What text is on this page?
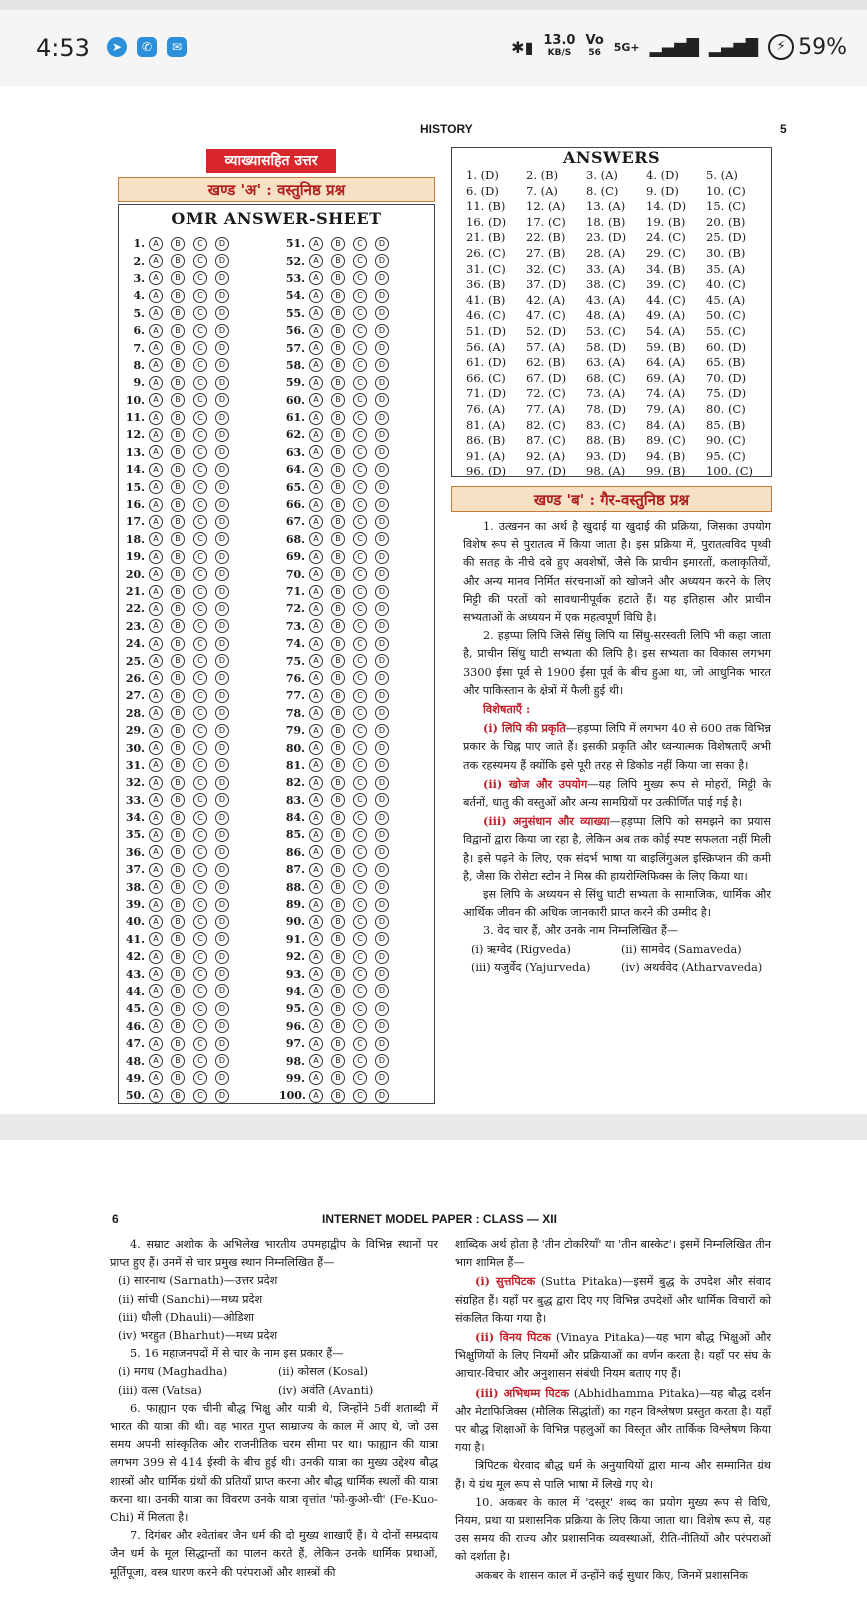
4:53	➤	✆	✉	✱▮ 13.0
KB/S
Vo
56 5G+ ▂▄▆█ ▂▄▆█	⚡ 59%
HISTORY	5
व्याख्यासहित उत्तर
खण्ड 'अ' : वस्तुनिष्ठ प्रश्न
OMR ANSWER-SHEET
1.	A	B	C	D
2.	A	B	C	D
3.	A	B	C	D
4.	A	B	C	D
5.	A	B	C	D
6.	A	B	C	D
7.	A	B	C	D
8.	A	B	C	D
9.	A	B	C	D
10.	A	B	C	D
11.	A	B	C	D
12.	A	B	C	D
13.	A	B	C	D
14.	A	B	C	D
15.	A	B	C	D
16.	A	B	C	D
17.	A	B	C	D
18.	A	B	C	D
19.	A	B	C	D
20.	A	B	C	D
21.	A	B	C	D
22.	A	B	C	D
23.	A	B	C	D
24.	A	B	C	D
25.	A	B	C	D
26.	A	B	C	D
27.	A	B	C	D
28.	A	B	C	D
29.	A	B	C	D
30.	A	B	C	D
31.	A	B	C	D
32.	A	B	C	D
33.	A	B	C	D
34.	A	B	C	D
35.	A	B	C	D
36.	A	B	C	D
37.	A	B	C	D
38.	A	B	C	D
39.	A	B	C	D
40.	A	B	C	D
41.	A	B	C	D
42.	A	B	C	D
43.	A	B	C	D
44.	A	B	C	D
45.	A	B	C	D
46.	A	B	C	D
47.	A	B	C	D
48.	A	B	C	D
49.	A	B	C	D
50.	A	B	C	D
51.	A	B	C	D
52.	A	B	C	D
53.	A	B	C	D
54.	A	B	C	D
55.	A	B	C	D
56.	A	B	C	D
57.	A	B	C	D
58.	A	B	C	D
59.	A	B	C	D
60.	A	B	C	D
61.	A	B	C	D
62.	A	B	C	D
63.	A	B	C	D
64.	A	B	C	D
65.	A	B	C	D
66.	A	B	C	D
67.	A	B	C	D
68.	A	B	C	D
69.	A	B	C	D
70.	A	B	C	D
71.	A	B	C	D
72.	A	B	C	D
73.	A	B	C	D
74.	A	B	C	D
75.	A	B	C	D
76.	A	B	C	D
77.	A	B	C	D
78.	A	B	C	D
79.	A	B	C	D
80.	A	B	C	D
81.	A	B	C	D
82.	A	B	C	D
83.	A	B	C	D
84.	A	B	C	D
85.	A	B	C	D
86.	A	B	C	D
87.	A	B	C	D
88.	A	B	C	D
89.	A	B	C	D
90.	A	B	C	D
91.	A	B	C	D
92.	A	B	C	D
93.	A	B	C	D
94.	A	B	C	D
95.	A	B	C	D
96.	A	B	C	D
97.	A	B	C	D
98.	A	B	C	D
99.	A	B	C	D
100. A	B	C	D
ANSWERS
1. (D)	2. (B)	3. (A)	4. (D)	5. (A)
6. (D)	7. (A)	8. (C)	9. (D)	10. (C)
11. (B)	12. (A)	13. (A)	14. (D)	15. (C)
16. (D)	17. (C)	18. (B)	19. (B)	20. (B)
21. (B)	22. (B)	23. (D)	24. (C)	25. (D)
26. (C)	27. (B)	28. (A)	29. (C)	30. (B)
31. (C)	32. (C)	33. (A)	34. (B)	35. (A)
36. (B)	37. (D)	38. (C)	39. (C)	40. (C)
41. (B)	42. (A)	43. (A)	44. (C)	45. (A)
46. (C)	47. (C)	48. (A)	49. (A)	50. (C)
51. (D)	52. (D)	53. (C)	54. (A)	55. (C)
56. (A)	57. (A)	58. (D)	59. (B)	60. (D)
61. (D)	62. (B)	63. (A)	64. (A)	65. (B)
66. (C)	67. (D)	68. (C)	69. (A)	70. (D)
71. (D)	72. (C)	73. (A)	74. (A)	75. (D)
76. (A)	77. (A)	78. (D)	79. (A)	80. (C)
81. (A)	82. (C)	83. (C)	84. (A)	85. (B)
86. (B)	87. (C)	88. (B)	89. (C)	90. (C)
91. (A)	92. (A)	93. (D)	94. (B)	95. (C)
96. (D)	97. (D)	98. (A)	99. (B)	100. (C)
खण्ड 'ब' : गैर-वस्तुनिष्ठ प्रश्न

1. उत्खनन का अर्थ है खुदाई या खुदाई की प्रक्रिया, जिसका उपयोग विशेष रूप से पुरातत्व में किया जाता है। इस प्रक्रिया में, पुरातत्वविद पृथ्वी की सतह के नीचे दबे हुए अवशेषों, जैसे कि प्राचीन इमारतों, कलाकृतियों, और अन्य मानव निर्मित संरचनाओं को खोजने और अध्ययन करने के लिए मिट्टी की परतों को सावधानीपूर्वक हटाते हैं। यह इतिहास और प्राचीन सभ्यताओं के अध्ययन में एक महत्वपूर्ण विधि है।

2. हड़प्पा लिपि जिसे सिंधु लिपि या सिंधु-सरस्वती लिपि भी कहा जाता है, प्राचीन सिंधु घाटी सभ्यता की लिपि है। इस सभ्यता का विकास लगभग 3300 ईसा पूर्व से 1900 ईसा पूर्व के बीच हुआ था, जो आधुनिक भारत और पाकिस्तान के क्षेत्रों में फैली हुई थी।

विशेषताएँ :

(i) लिपि की प्रकृति—हड़प्पा लिपि में लगभग 40 से 600 तक विभिन्न प्रकार के चिह्न पाए जाते हैं। इसकी प्रकृति और ध्वन्यात्मक विशेषताएँ अभी तक रहस्यमय हैं क्योंकि इसे पूरी तरह से डिकोड नहीं किया जा सका है।

(ii) खोज और उपयोग—यह लिपि मुख्य रूप से मोहरों, मिट्टी के बर्तनों, धातु की वस्तुओं और अन्य सामग्रियों पर उत्कीर्णित पाई गई है।

(iii) अनुसंधान और व्याख्या—हड़प्पा लिपि को समझने का प्रयास विद्वानों द्वारा किया जा रहा है, लेकिन अब तक कोई स्पष्ट सफलता नहीं मिली है। इसे पढ़ने के लिए, एक संदर्भ भाषा या बाइलिंगुअल इस्क्रिप्शन की कमी है, जैसा कि रोसेटा स्टोन ने मिस्र की हायरोग्लिफिक्स के लिए किया था।

इस लिपि के अध्ययन से सिंधु घाटी सभ्यता के सामाजिक, धार्मिक और आर्थिक जीवन की अधिक जानकारी प्राप्त करने की उम्मीद है।

3. वेद चार हैं, और उनके नाम निम्नलिखित हैं—

(i) ऋग्वेद (Rigveda)	(ii) सामवेद (Samaveda)
(iii) यजुर्वेद (Yajurveda)	(iv) अथर्ववेद (Atharvaveda)
6	INTERNET MODEL PAPER : CLASS — XII

4. सम्राट अशोक के अभिलेख भारतीय उपमहाद्वीप के विभिन्न स्थानों पर प्राप्त हुए हैं। उनमें से चार प्रमुख स्थान निम्नलिखित हैं—

(i) सारनाथ (Sarnath)—उत्तर प्रदेश
(ii) सांची (Sanchi)—मध्य प्रदेश
(iii) धौली (Dhauli)—ओडिशा
(iv) भरहुत (Bharhut)—मध्य प्रदेश

5. 16 महाजनपदों में से चार के नाम इस प्रकार हैं—

(i) मगध (Maghadha)	(ii) कोसल (Kosal)
(iii) वत्स (Vatsa)	(iv) अवंति (Avanti)

6. फाह्यान एक चीनी बौद्ध भिक्षु और यात्री थे, जिन्होंने 5वीं शताब्दी में भारत की यात्रा की थी। वह भारत गुप्त साम्राज्य के काल में आए थे, जो उस समय अपनी सांस्कृतिक और राजनीतिक चरम सीमा पर था। फाह्यान की यात्रा लगभग 399 से 414 ईस्वी के बीच हुई थी। उनकी यात्रा का मुख्य उद्देश्य बौद्ध शास्त्रों और धार्मिक ग्रंथों की प्रतियाँ प्राप्त करना और बौद्ध धार्मिक स्थलों की यात्रा करना था। उनकी यात्रा का विवरण उनके यात्रा वृत्तांत 'फो-कुओ-ची' (Fe-Kuo-Chi) में मिलता है।

7. दिगंबर और श्वेतांबर जैन धर्म की दो मुख्य शाखाएँ हैं। ये दोनों सम्प्रदाय जैन धर्म के मूल सिद्धान्तों का पालन करते हैं, लेकिन उनके धार्मिक प्रथाओं, मूर्तिपूजा, वस्त्र धारण करने की परंपराओं और शास्त्रों की

शाब्दिक अर्थ होता है 'तीन टोकरियाँ' या 'तीन बास्केट'। इसमें निम्नलिखित तीन भाग शामिल हैं—

(i) सुत्तपिटक (Sutta Pitaka)—इसमें बुद्ध के उपदेश और संवाद संग्रहित हैं। यहाँ पर बुद्ध द्वारा दिए गए विभिन्न उपदेशों और धार्मिक विचारों को संकलित किया गया है।

(ii) विनय पिटक (Vinaya Pitaka)—यह भाग बौद्ध भिक्षुओं और भिक्षुणियों के लिए नियमों और प्रक्रियाओं का वर्णन करता है। यहाँ पर संघ के आचार-विचार और अनुशासन संबंधी नियम बताए गए हैं।

(iii) अभिधम्म पिटक (Abhidhamma Pitaka)—यह बौद्ध दर्शन और मेटाफिजिक्स (मौलिक सिद्धांतों) का गहन विश्लेषण प्रस्तुत करता है। यहाँ पर बौद्ध शिक्षाओं के विभिन्न पहलुओं का विस्तृत और तार्किक विश्लेषण किया गया है।

त्रिपिटक थेरवाद बौद्ध धर्म के अनुयायियों द्वारा मान्य और सम्मानित ग्रंथ हैं। ये ग्रंथ मूल रूप से पालि भाषा में लिखे गए थे।

10. अकबर के काल में 'दस्तूर' शब्द का प्रयोग मुख्य रूप से विधि, नियम, प्रथा या प्रशासनिक प्रक्रिया के लिए किया जाता था। विशेष रूप से, यह उस समय की राज्य और प्रशासनिक व्यवस्थाओं, रीति-नीतियों और परंपराओं को दर्शाता है।

अकबर के शासन काल में उन्होंने कई सुधार किए, जिनमें प्रशासनिक
